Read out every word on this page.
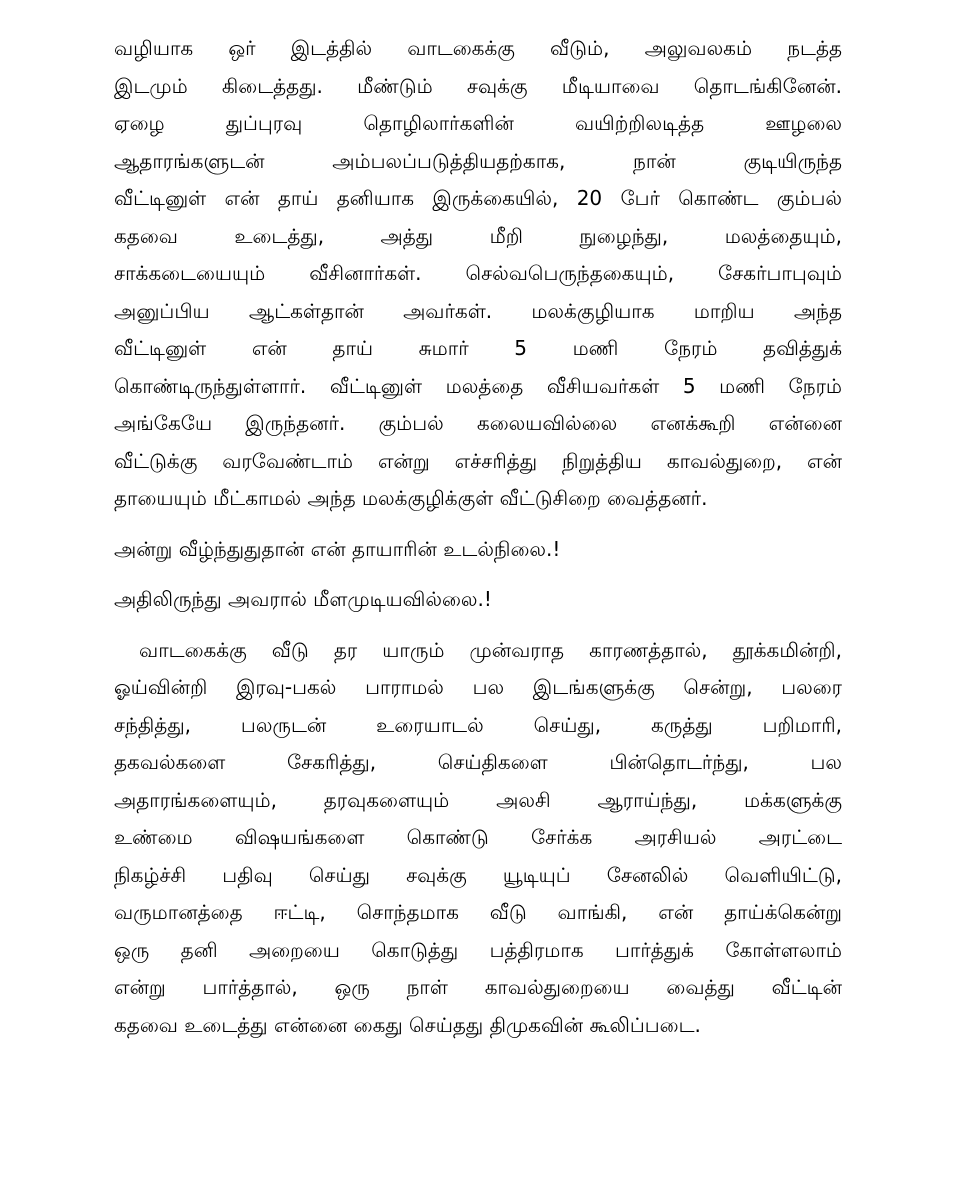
வழியாக ஒர் இடத்தில் வாடகைக்கு வீடும், அலுவலகம் நடத்த
இடமும் கிடைத்தது. மீண்டும் சவுக்கு மீடியாவை தொடங்கினேன்.
ஏழை துப்புரவு தொழிலார்களின் வயிற்றிலடித்த ஊழலை
ஆதாரங்களுடன் அம்பலப்படுத்தியதற்காக, நான் குடியிருந்த
வீட்டினுள் என் தாய் தனியாக இருக்கையில், 20 பேர் கொண்ட கும்பல்
கதவை உடைத்து, அத்து மீறி நுழைந்து, மலத்தையும்,
சாக்கடையையும் வீசினார்கள். செல்வபெருந்தகையும், சேகர்பாபுவும்
அனுப்பிய ஆட்கள்தான் அவர்கள். மலக்குழியாக மாறிய அந்த
வீட்டினுள் என் தாய் சுமார் 5 மணி நேரம் தவித்துக்
கொண்டிருந்துள்ளார். வீட்டினுள் மலத்தை வீசியவர்கள் 5 மணி நேரம்
அங்கேயே இருந்தனர். கும்பல் கலையவில்லை எனக்கூறி என்னை
வீட்டுக்கு வரவேண்டாம் என்று எச்சரித்து நிறுத்திய காவல்துறை, என்
தாயையும் மீட்காமல் அந்த மலக்குழிக்குள் வீட்டுசிறை வைத்தனர்.

அன்று வீழ்ந்துதுதான் என் தாயாரின் உடல்நிலை.!

அதிலிருந்து அவரால் மீளமுடியவில்லை.!

வாடகைக்கு வீடு தர யாரும் முன்வராத காரணத்தால், தூக்கமின்றி,
ஓய்வின்றி இரவு-பகல் பாராமல் பல இடங்களுக்கு சென்று, பலரை
சந்தித்து, பலருடன் உரையாடல் செய்து, கருத்து பறிமாரி,
தகவல்களை சேகரித்து, செய்திகளை பின்தொடர்ந்து, பல
அதாரங்களையும், தரவுகளையும் அலசி ஆராய்ந்து, மக்களுக்கு
உண்மை விஷயங்களை கொண்டு சேர்க்க அரசியல் அரட்டை
நிகழ்ச்சி பதிவு செய்து சவுக்கு யூடியுப் சேனலில் வெளியிட்டு,
வருமானத்தை ஈட்டி, சொந்தமாக வீடு வாங்கி, என் தாய்க்கென்று
ஒரு தனி அறையை கொடுத்து பத்திரமாக பார்த்துக் கோள்ளலாம்
என்று பார்த்தால், ஒரு நாள் காவல்துறையை வைத்து வீட்டின்
கதவை உடைத்து என்னை கைது செய்தது திமுகவின் கூலிப்படை.
